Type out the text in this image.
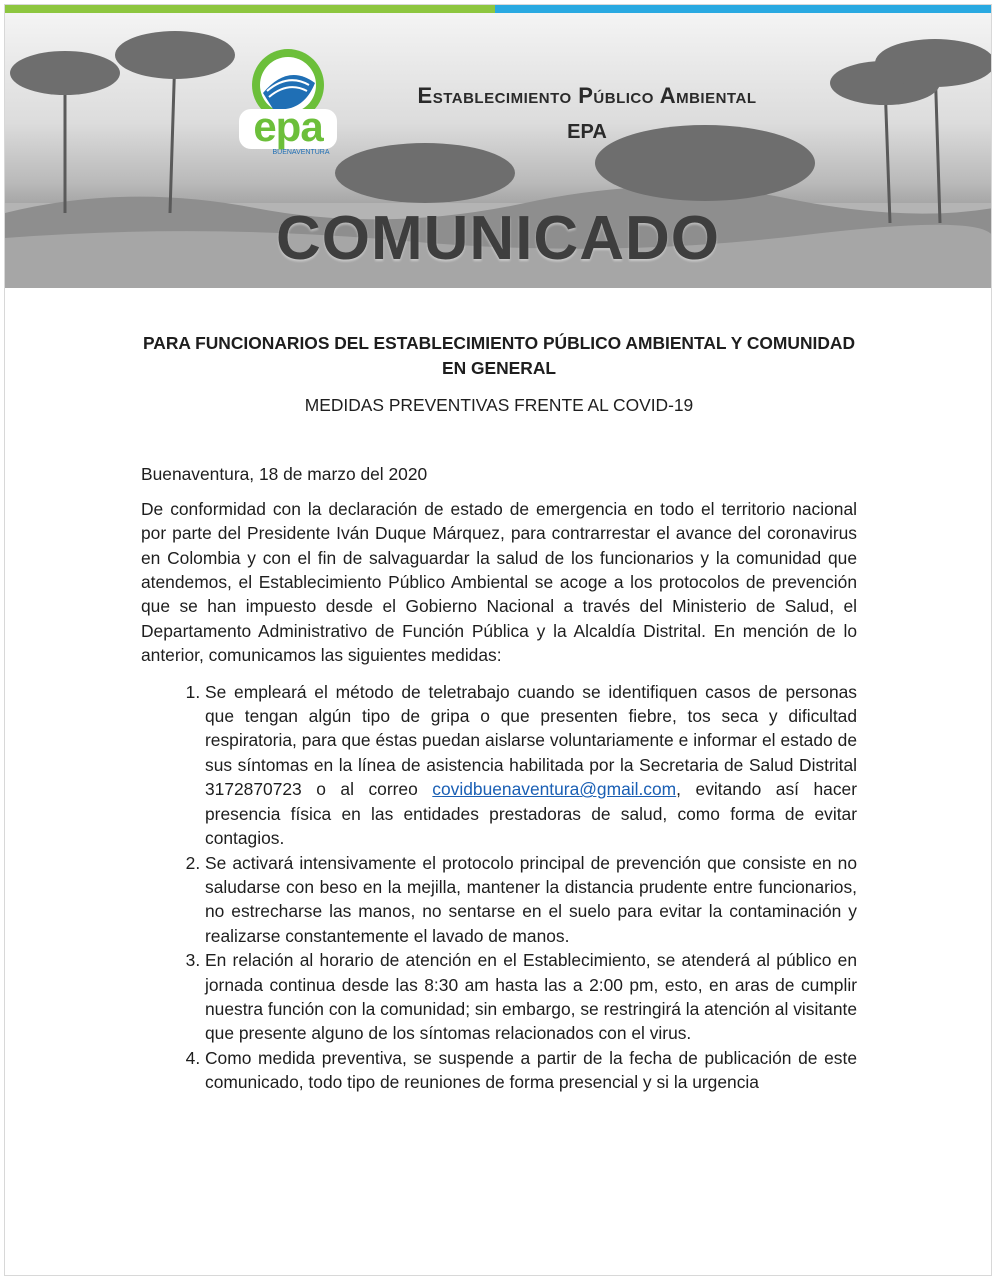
epa
BUENAVENTURA
Establecimiento Público Ambiental
EPA
COMUNICADO
PARA FUNCIONARIOS DEL ESTABLECIMIENTO PÚBLICO AMBIENTAL Y COMUNIDAD EN GENERAL
MEDIDAS PREVENTIVAS FRENTE AL COVID-19
Buenaventura, 18 de marzo del 2020
De conformidad con la declaración de estado de emergencia en todo el territorio nacional por parte del Presidente Iván Duque Márquez, para contrarrestar el avance del coronavirus en Colombia y con el fin de salvaguardar la salud de los funcionarios y la comunidad que atendemos, el Establecimiento Público Ambiental se acoge a los protocolos de prevención que se han impuesto desde el Gobierno Nacional a través del Ministerio de Salud, el Departamento Administrativo de Función Pública y la Alcaldía Distrital. En mención de lo anterior, comunicamos las siguientes medidas:
1. Se empleará el método de teletrabajo cuando se identifiquen casos de personas que tengan algún tipo de gripa o que presenten fiebre, tos seca y dificultad respiratoria, para que éstas puedan aislarse voluntariamente e informar el estado de sus síntomas en la línea de asistencia habilitada por la Secretaria de Salud Distrital 3172870723 o al correo covidbuenaventura@gmail.com, evitando así hacer presencia física en las entidades prestadoras de salud, como forma de evitar contagios.
2. Se activará intensivamente el protocolo principal de prevención que consiste en no saludarse con beso en la mejilla, mantener la distancia prudente entre funcionarios, no estrecharse las manos, no sentarse en el suelo para evitar la contaminación y realizarse constantemente el lavado de manos.
3. En relación al horario de atención en el Establecimiento, se atenderá al público en jornada continua desde las 8:30 am hasta las a 2:00 pm, esto, en aras de cumplir nuestra función con la comunidad; sin embargo, se restringirá la atención al visitante que presente alguno de los síntomas relacionados con el virus.
4. Como medida preventiva, se suspende a partir de la fecha de publicación de este comunicado, todo tipo de reuniones de forma presencial y si la urgencia
